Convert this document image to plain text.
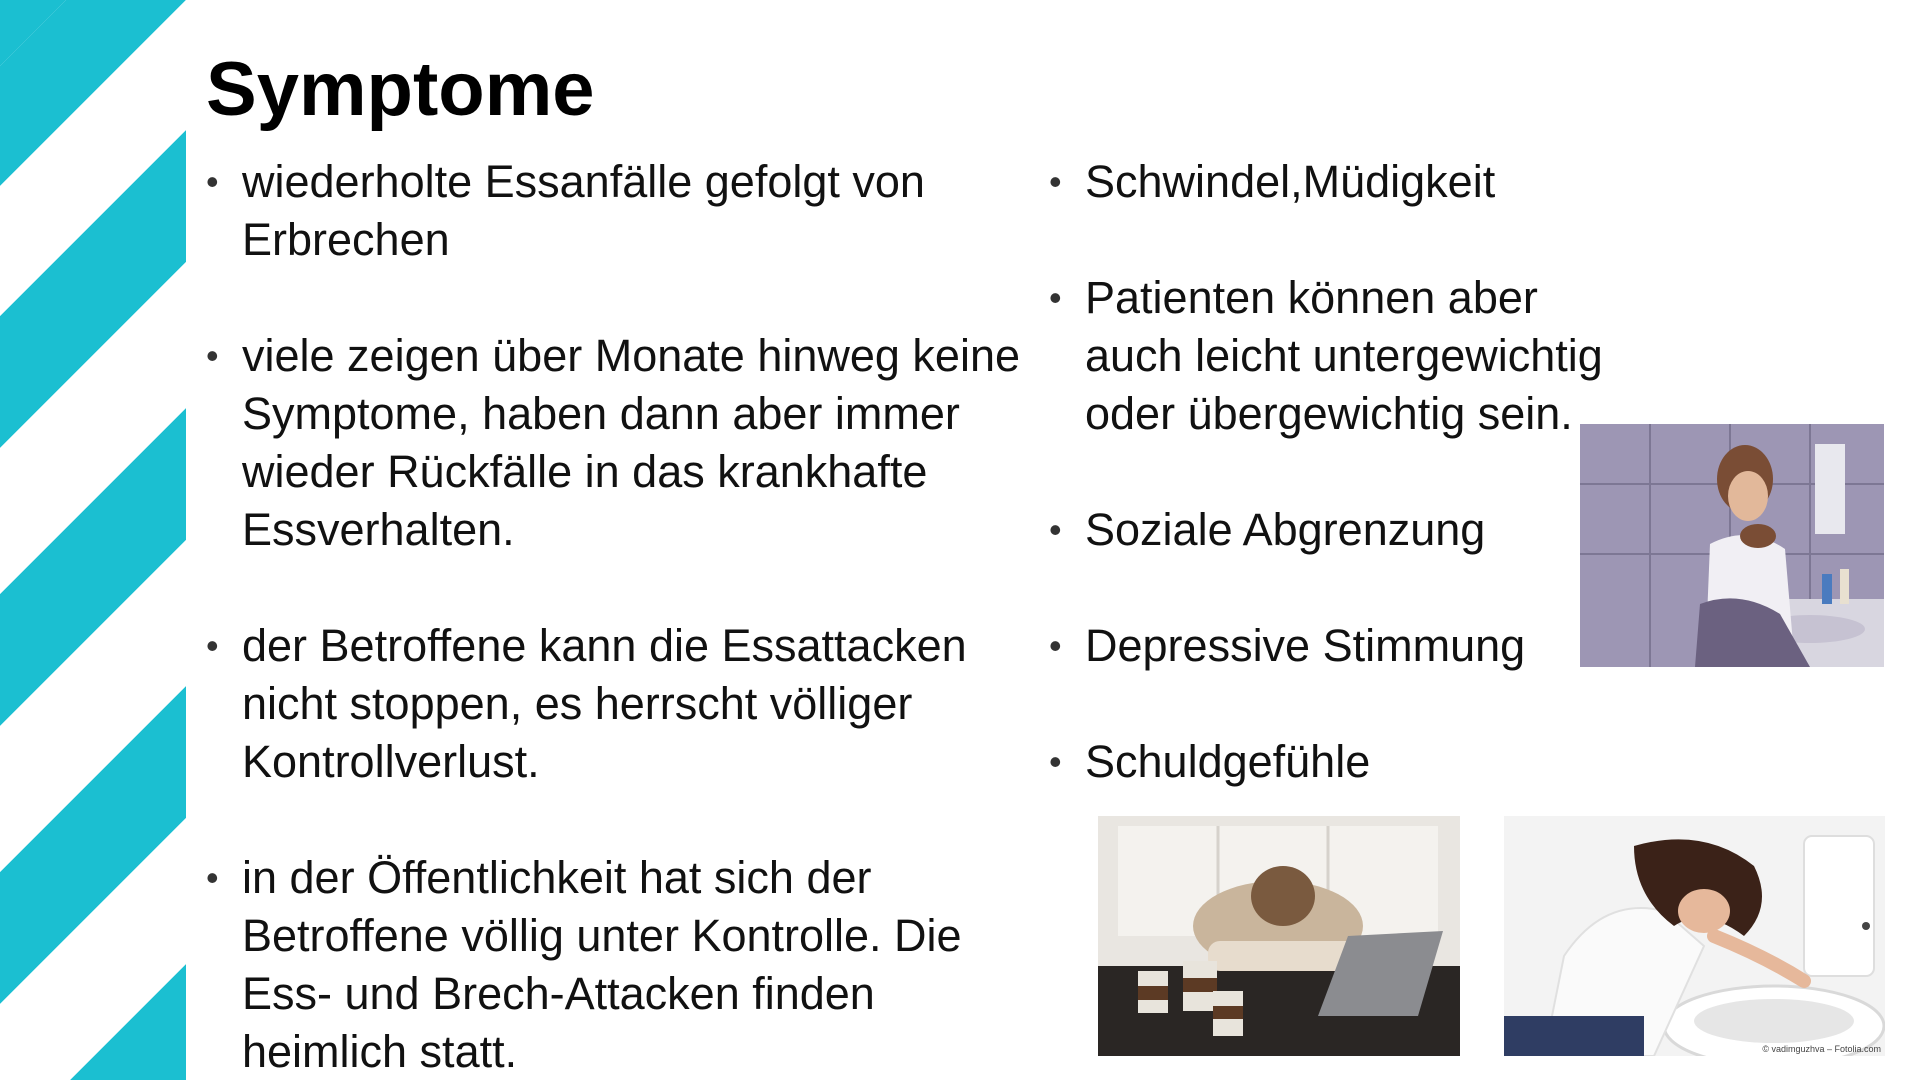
Symptome
• wiederholte Essanfälle gefolgt von Erbrechen
• viele zeigen über Monate hinweg keine Symptome, haben dann aber immer wieder Rückfälle in das krankhafte Essverhalten.
• der Betroffene kann die Essattacken nicht stoppen, es herrscht völliger Kontrollverlust.
• in der Öffentlichkeit hat sich der Betroffene völlig unter Kontrolle. Die Ess- und Brech-Attacken finden heimlich statt.
• Schwindel,Müdigkeit
• Patienten können aber auch leicht untergewichtig oder übergewichtig sein.
• Soziale Abgrenzung
• Depressive Stimmung
• Schuldgefühle
© vadimguzhva – Fotolia.com
